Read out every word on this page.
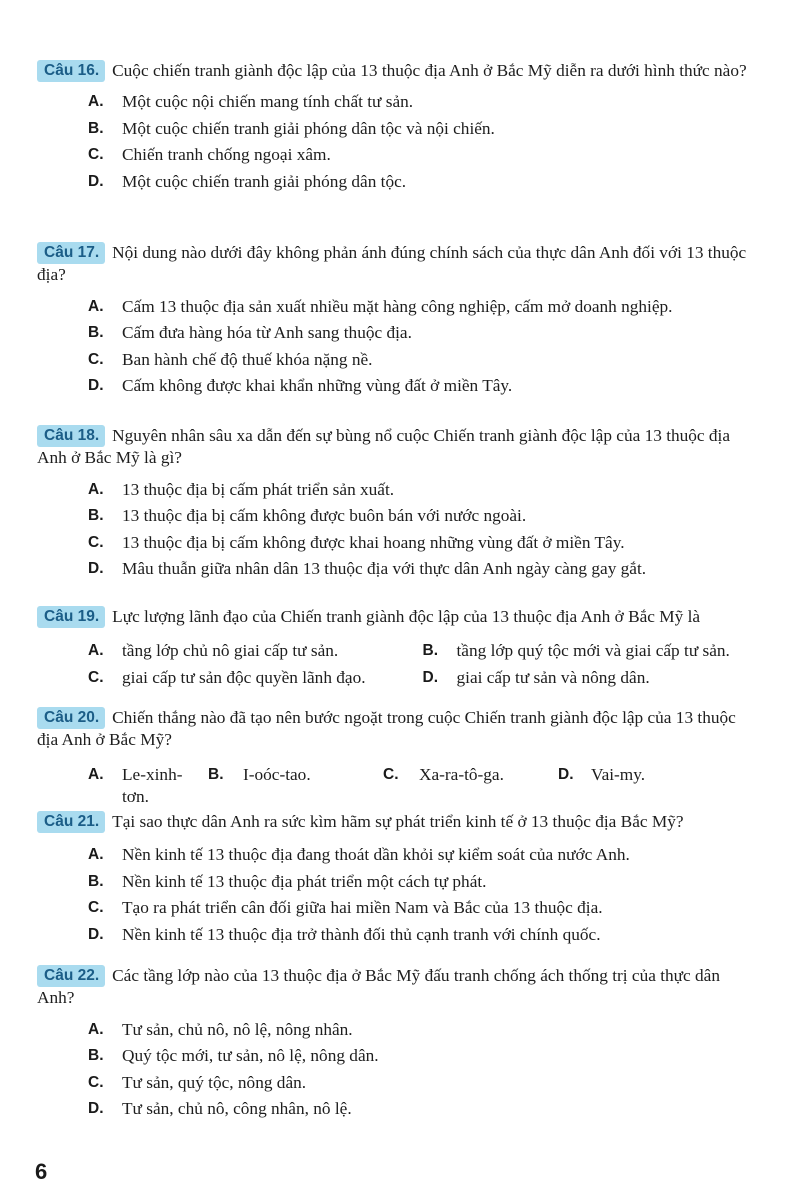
Câu 16. Cuộc chiến tranh giành độc lập của 13 thuộc địa Anh ở Bắc Mỹ diễn ra dưới hình thức nào?
A. Một cuộc nội chiến mang tính chất tư sản.
B. Một cuộc chiến tranh giải phóng dân tộc và nội chiến.
C. Chiến tranh chống ngoại xâm.
D. Một cuộc chiến tranh giải phóng dân tộc.
Câu 17. Nội dung nào dưới đây không phản ánh đúng chính sách của thực dân Anh đối với 13 thuộc địa?
A. Cấm 13 thuộc địa sản xuất nhiều mặt hàng công nghiệp, cấm mở doanh nghiệp.
B. Cấm đưa hàng hóa từ Anh sang thuộc địa.
C. Ban hành chế độ thuế khóa nặng nề.
D. Cấm không được khai khẩn những vùng đất ở miền Tây.
Câu 18. Nguyên nhân sâu xa dẫn đến sự bùng nổ cuộc Chiến tranh giành độc lập của 13 thuộc địa Anh ở Bắc Mỹ là gì?
A. 13 thuộc địa bị cấm phát triển sản xuất.
B. 13 thuộc địa bị cấm không được buôn bán với nước ngoài.
C. 13 thuộc địa bị cấm không được khai hoang những vùng đất ở miền Tây.
D. Mâu thuẫn giữa nhân dân 13 thuộc địa với thực dân Anh ngày càng gay gắt.
Câu 19. Lực lượng lãnh đạo của Chiến tranh giành độc lập của 13 thuộc địa Anh ở Bắc Mỹ là
A. tầng lớp chủ nô giai cấp tư sản.	B. tầng lớp quý tộc mới và giai cấp tư sản.
C. giai cấp tư sản độc quyền lãnh đạo.	D. giai cấp tư sản và nông dân.
Câu 20. Chiến thắng nào đã tạo nên bước ngoặt trong cuộc Chiến tranh giành độc lập của 13 thuộc địa Anh ở Bắc Mỹ?
A. Le-xinh-tơn.
B. I-oóc-tao.	C. Xa-ra-tô-ga.	D. Vai-my.
Câu 21. Tại sao thực dân Anh ra sức kìm hãm sự phát triển kinh tế ở 13 thuộc địa Bắc Mỹ?
A. Nền kinh tế 13 thuộc địa đang thoát dần khỏi sự kiểm soát của nước Anh.
B. Nền kinh tế 13 thuộc địa phát triển một cách tự phát.
C. Tạo ra phát triển cân đối giữa hai miền Nam và Bắc của 13 thuộc địa.
D. Nền kinh tế 13 thuộc địa trở thành đối thủ cạnh tranh với chính quốc.
Câu 22. Các tầng lớp nào của 13 thuộc địa ở Bắc Mỹ đấu tranh chống ách thống trị của thực dân Anh?
A. Tư sản, chủ nô, nô lệ, nông nhân.
B. Quý tộc mới, tư sản, nô lệ, nông dân.
C. Tư sản, quý tộc, nông dân.
D. Tư sản, chủ nô, công nhân, nô lệ.
6
